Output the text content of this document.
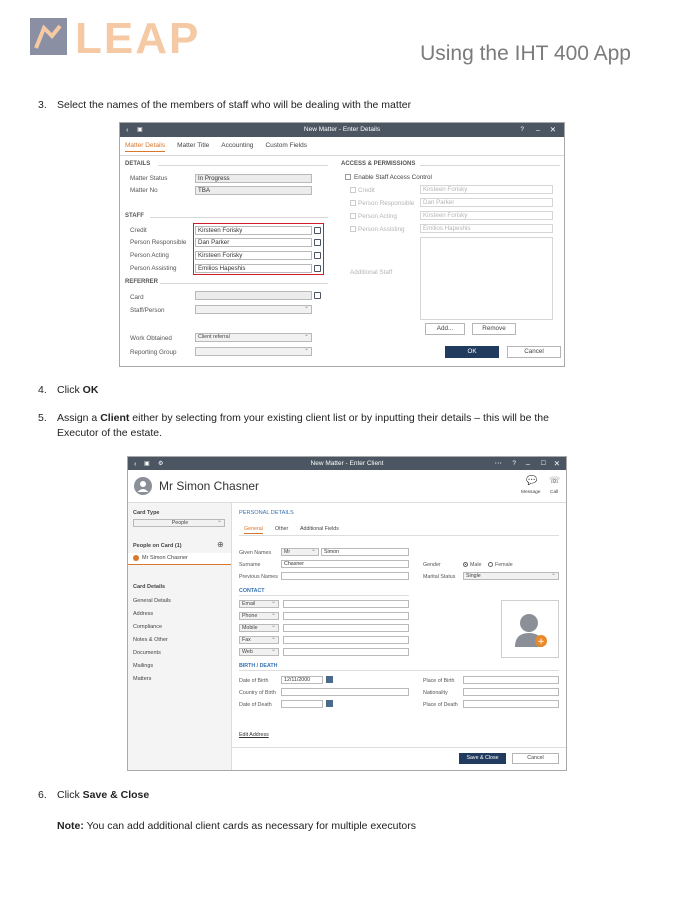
LEAP	Using the IHT 400 App
3. Select the names of the members of staff who will be dealing with the matter
‹ ▣	New Matter - Enter Details	? – ✕
Matter Details Matter Title Accounting Custom Fields
DETAILS
Matter Status	In Progress
Matter No	TBA
STAFF
Credit	Kirsteen Forisky
Person Responsible	Dan Parker
Person Acting	Kirsteen Forisky
Person Assisting	Emilios Hapeshis
REFERRER
Card
Staff/Person
⌄
Work Obtained	Client referral ⌄
Reporting Group
⌄
ACCESS & PERMISSIONS
Enable Staff Access Control
Credit	Kirsteen Forisky
Person Responsible	Dan Parker
Person Acting	Kirsteen Forisky
Person Assisting	Emilios Hapeshis
Additional Staff
Add...	Remove
OK	Cancel
4. Click OK
5. Assign a Client either by selecting from your existing client list or by inputting their details – this will be the
Executor of the estate.
‹ ▣ ⚙	New Matter - Enter Client	⋯ ? – ☐ ✕
Mr Simon Chasner	💬
Message
☏
Call
Card Type
People ⌄
People on Card (1)	⊕
Mr Simon Chasner
Card Details
General Details
Address
Compliance
Notes & Other
Documents
Mailings
Matters
PERSONAL DETAILS
General Other Additional Fields
Given Names	Mr ⌄	Simon
Surname	Chasner
Previous Names
Gender	Male	Female
Marital Status	Single ⌄
CONTACT
Email ⌄
Phone ⌄
Mobile ⌄
Fax ⌄
Web ⌄
+
BIRTH / DEATH
Date of Birth	12/11/2000
Country of Birth
Date of Death
Place of Birth
Nationality
Place of Death
Edit Address
Save & Close	Cancel
6. Click Save & Close
Note: You can add additional client cards as necessary for multiple executors
